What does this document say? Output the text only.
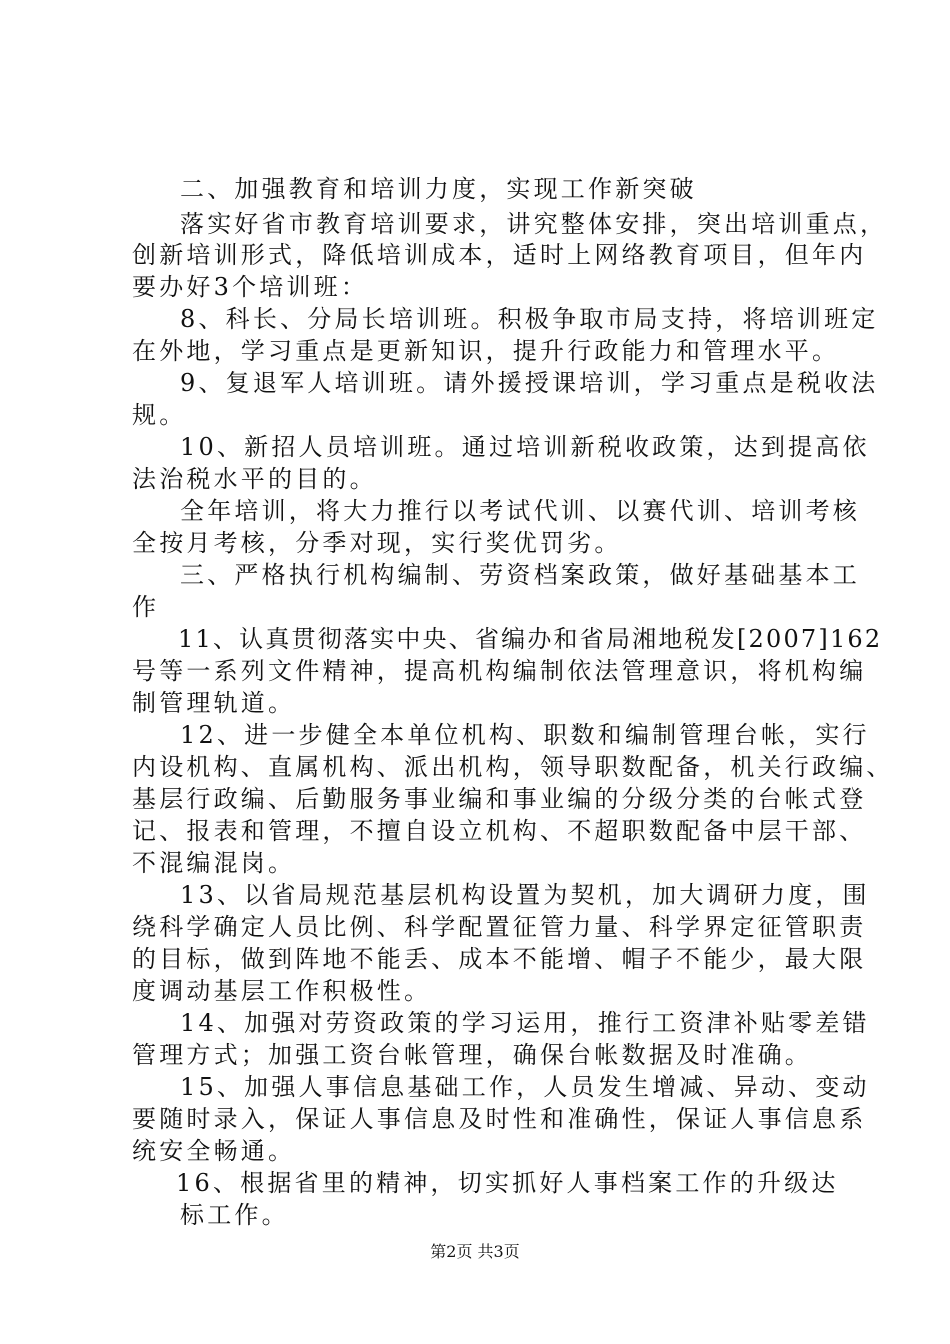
二、加强教育和培训力度，实现工作新突破
落实好省市教育培训要求，讲究整体安排，突出培训重点，
创新培训形式，降低培训成本，适时上网络教育项目，但年内
要办好3个培训班：
8、科长、分局长培训班。积极争取市局支持，将培训班定
在外地，学习重点是更新知识，提升行政能力和管理水平。
9、复退军人培训班。请外援授课培训，学习重点是税收法
规。
10、新招人员培训班。通过培训新税收政策，达到提高依
法治税水平的目的。
全年培训，将大力推行以考试代训、以赛代训、培训考核
全按月考核，分季对现，实行奖优罚劣。
三、严格执行机构编制、劳资档案政策，做好基础基本工
作
11、认真贯彻落实中央、省编办和省局湘地税发[2007]162
号等一系列文件精神，提高机构编制依法管理意识，将机构编
制管理轨道。
12、进一步健全本单位机构、职数和编制管理台帐，实行
内设机构、直属机构、派出机构，领导职数配备，机关行政编、
基层行政编、后勤服务事业编和事业编的分级分类的台帐式登
记、报表和管理，不擅自设立机构、不超职数配备中层干部、
不混编混岗。
13、以省局规范基层机构设置为契机，加大调研力度，围
绕科学确定人员比例、科学配置征管力量、科学界定征管职责
的目标，做到阵地不能丢、成本不能增、帽子不能少，最大限
度调动基层工作积极性。
14、加强对劳资政策的学习运用，推行工资津补贴零差错
管理方式；加强工资台帐管理，确保台帐数据及时准确。
15、加强人事信息基础工作，人员发生增减、异动、变动
要随时录入，保证人事信息及时性和准确性，保证人事信息系
统安全畅通。
16、根据省里的精神，切实抓好人事档案工作的升级达
标工作。
第2页 共3页
